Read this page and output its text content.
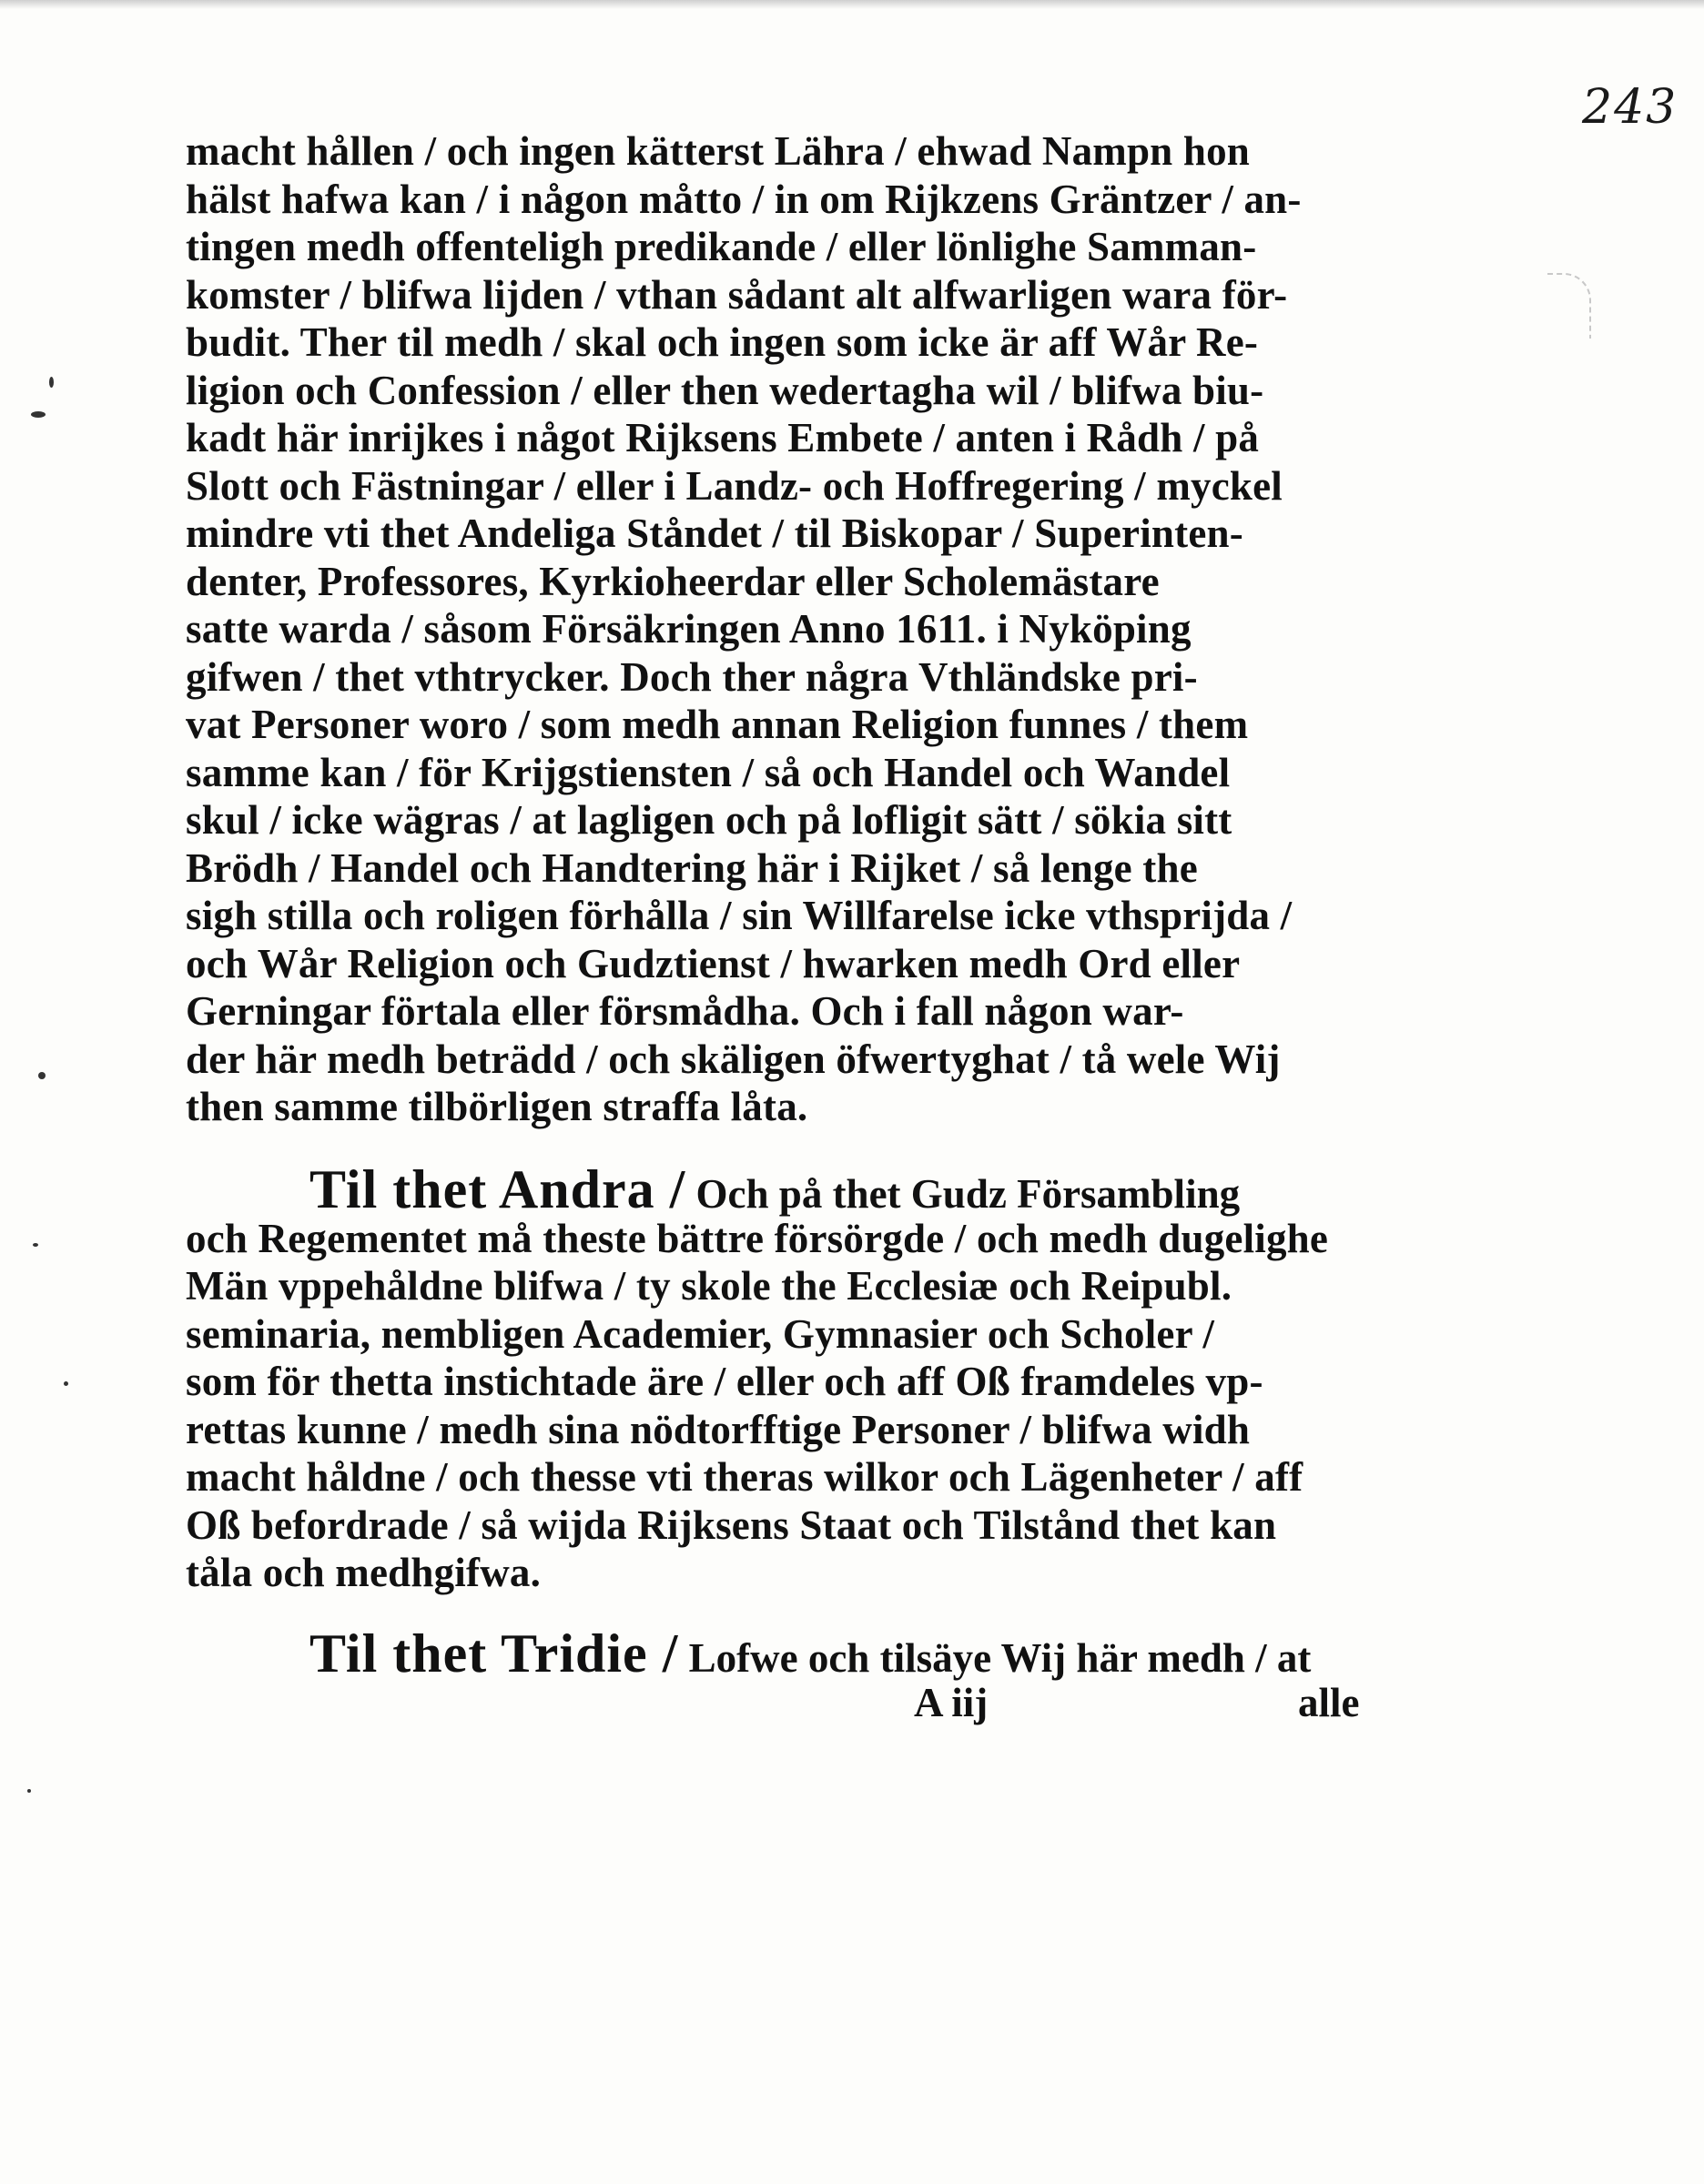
243
macht hållen / och ingen kätterst Lähra / ehwad Nampn hon
hälst hafwa kan / i någon måtto / in om Rijkzens Gräntzer / an-
tingen medh offenteligh predikande / eller lönlighe Samman-
komster / blifwa lijden / vthan sådant alt alfwarligen wara för-
budit. Ther til medh / skal och ingen som icke är aff Wår Re-
ligion och Confession / eller then wedertagha wil / blifwa biu-
kadt här inrijkes i något Rijksens Embete / anten i Rådh / på
Slott och Fästningar / eller i Landz- och Hoffregering / myckel
mindre vti thet Andeliga Ståndet / til Biskopar / Superinten-
denter, Professores, Kyrkioheerdar eller Scholemästare
satte warda / såsom Försäkringen Anno 1611. i Nyköping
gifwen / thet vthtrycker. Doch ther några Vthländske pri-
vat Personer woro / som medh annan Religion funnes / them
samme kan / för Krijgstiensten / så och Handel och Wandel
skul / icke wägras / at lagligen och på lofligit sätt / sökia sitt
Brödh / Handel och Handtering här i Rijket / så lenge the
sigh stilla och roligen förhålla / sin Willfarelse icke vthsprijda /
och Wår Religion och Gudztienst / hwarken medh Ord eller
Gerningar förtala eller försmådha. Och i fall någon war-
der här medh beträdd / och skäligen öfwertyghat / tå wele Wij
then samme tilbörligen straffa låta.
Til thet Andra / Och på thet Gudz Försambling
och Regementet må theste bättre försörgde / och medh dugelighe
Män vppehåldne blifwa / ty skole the Ecclesiæ och Reipubl.
seminaria, nembligen Academier, Gymnasier och Scholer /
som för thetta instichtade äre / eller och aff Oß framdeles vp-
rettas kunne / medh sina nödtorfftige Personer / blifwa widh
macht håldne / och thesse vti theras wilkor och Lägenheter / aff
Oß befordrade / så wijda Rijksens Staat och Tilstånd thet kan
tåla och medhgifwa.
Til thet Tridie / Lofwe och tilsäye Wij här medh / at
A iij	alle
